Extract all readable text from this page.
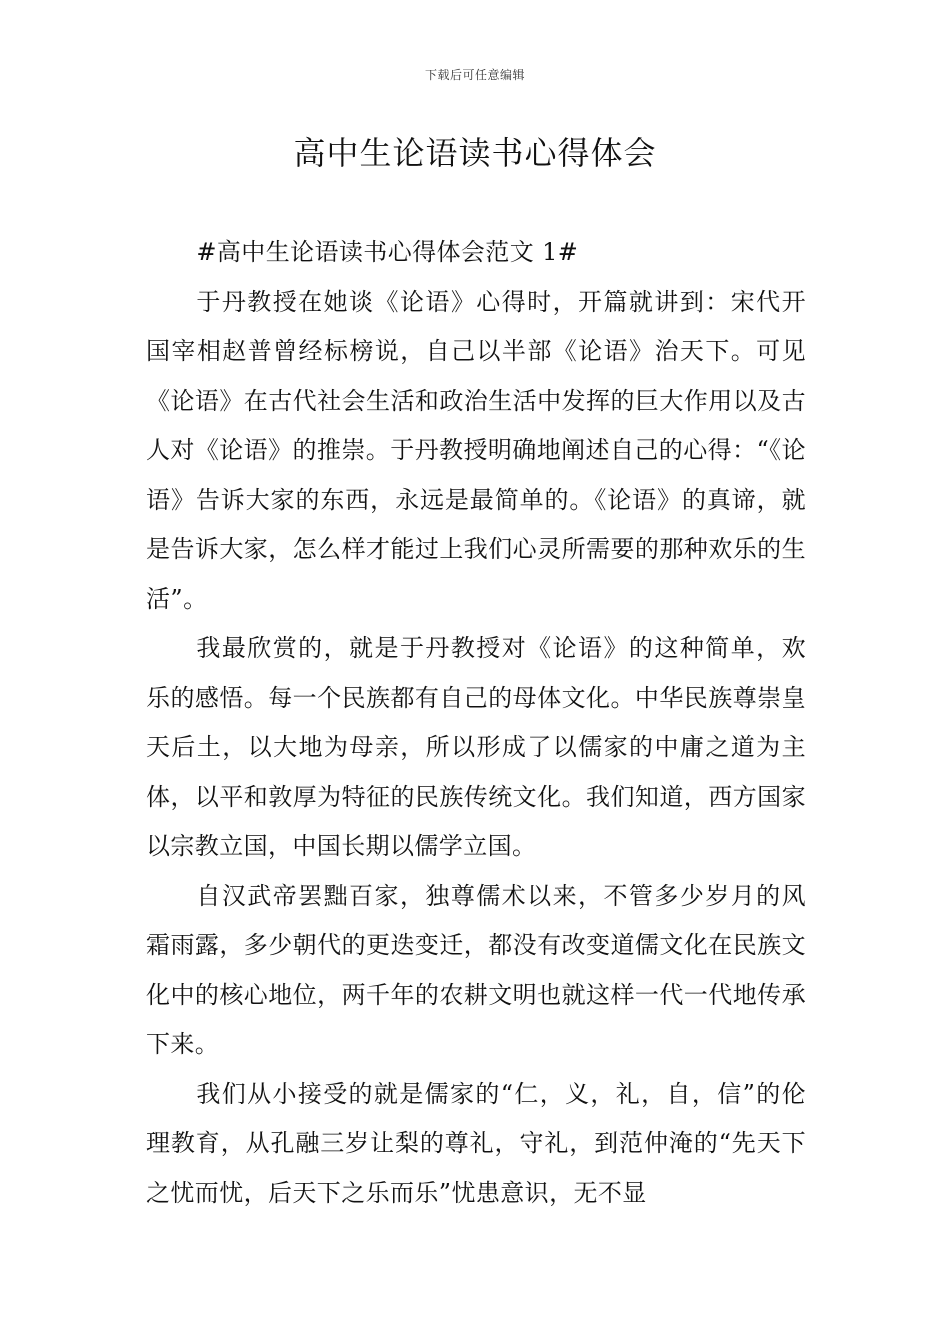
下载后可任意编辑
高中生论语读书心得体会

#高中生论语读书心得体会范文 1#

于丹教授在她谈《论语》心得时，开篇就讲到：宋代开国宰相赵普曾经标榜说，自己以半部《论语》治天下。可见《论语》在古代社会生活和政治生活中发挥的巨大作用以及古人对《论语》的推崇。于丹教授明确地阐述自己的心得：“《论语》告诉大家的东西，永远是最简单的。《论语》的真谛，就是告诉大家，怎么样才能过上我们心灵所需要的那种欢乐的生活”。

我最欣赏的，就是于丹教授对《论语》的这种简单，欢乐的感悟。每一个民族都有自己的母体文化。中华民族尊崇皇天后土，以大地为母亲，所以形成了以儒家的中庸之道为主体，以平和敦厚为特征的民族传统文化。我们知道，西方国家以宗教立国，中国长期以儒学立国。

自汉武帝罢黜百家，独尊儒术以来，不管多少岁月的风霜雨露，多少朝代的更迭变迁，都没有改变道儒文化在民族文化中的核心地位，两千年的农耕文明也就这样一代一代地传承下来。

我们从小接受的就是儒家的“仁，义，礼，自，信”的伦理教育，从孔融三岁让梨的尊礼，守礼，到范仲淹的“先天下之忧而忧，后天下之乐而乐”忧患意识，无不显
